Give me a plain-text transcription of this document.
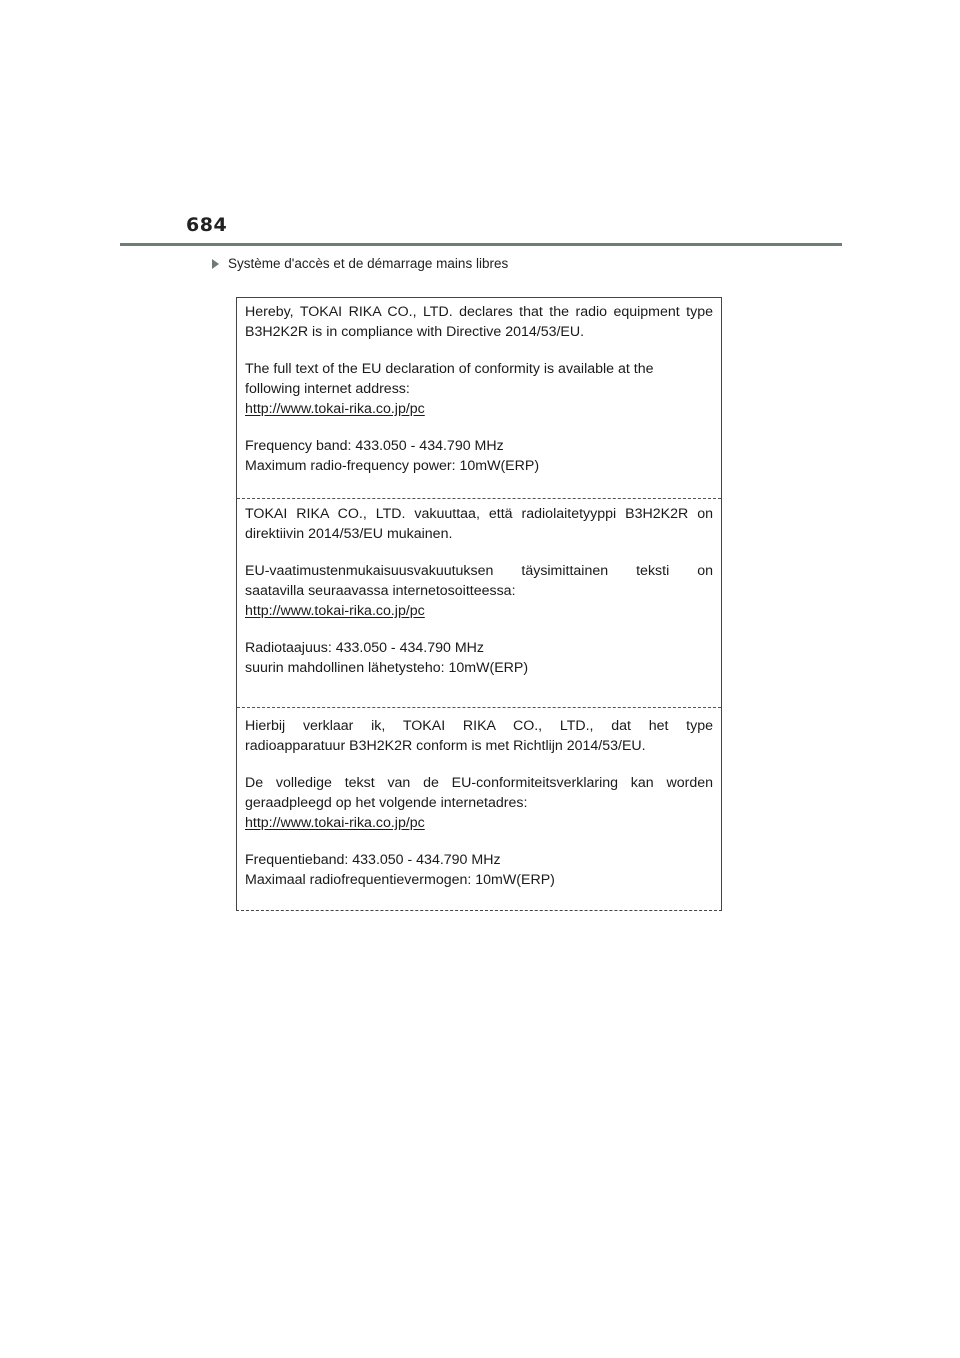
684
Système d'accès et de démarrage mains libres

Hereby, TOKAI RIKA CO., LTD. declares that the radio equipment type

B3H2K2R is in compliance with Directive 2014/53/EU.

The full text of the EU declaration of conformity is available at the

following internet address:

http://www.tokai-rika.co.jp/pc

Frequency band: 433.050 - 434.790 MHz

Maximum radio-frequency power: 10mW(ERP)

TOKAI RIKA CO., LTD. vakuuttaa, että radiolaitetyyppi B3H2K2R on

direktiivin 2014/53/EU mukainen.

EU-vaatimustenmukaisuusvakuutuksen täysimittainen teksti on

saatavilla seuraavassa internetosoitteessa:

http://www.tokai-rika.co.jp/pc

Radiotaajuus: 433.050 - 434.790 MHz

suurin mahdollinen lähetysteho: 10mW(ERP)

Hierbij verklaar ik, TOKAI RIKA CO., LTD., dat het type

radioapparatuur B3H2K2R conform is met Richtlijn 2014/53/EU.

De volledige tekst van de EU-conformiteitsverklaring kan worden

geraadpleegd op het volgende internetadres:

http://www.tokai-rika.co.jp/pc

Frequentieband: 433.050 - 434.790 MHz

Maximaal radiofrequentievermogen: 10mW(ERP)
